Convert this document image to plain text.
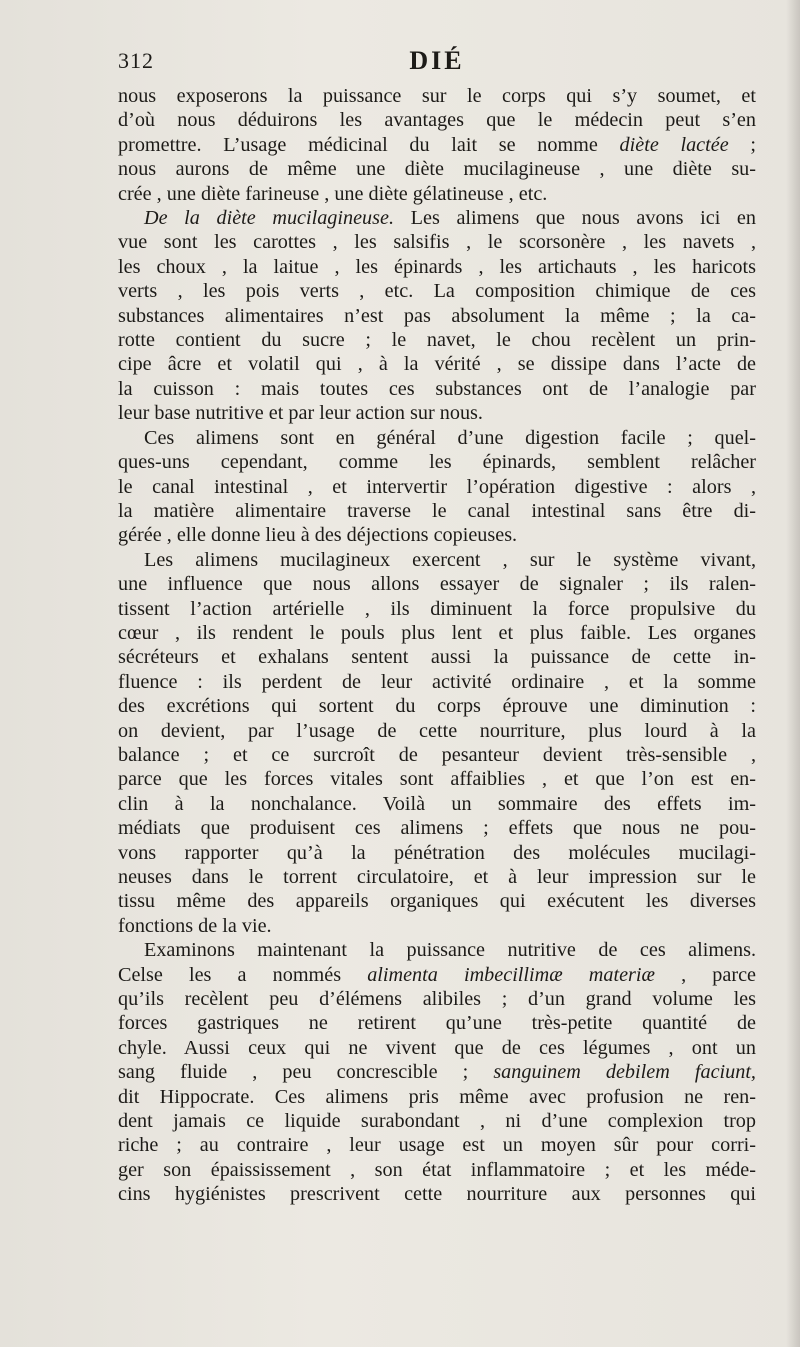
312	DIÉ

nous exposerons la puissance sur le corps qui s’y soumet, et
d’où nous déduirons les avantages que le médecin peut s’en
promettre. L’usage médicinal du lait se nomme diète lactée ;
nous aurons de même une diète mucilagineuse , une diète su-
crée , une diète farineuse , une diète gélatineuse , etc.

De la diète mucilagineuse. Les alimens que nous avons ici en
vue sont les carottes , les salsifis , le scorsonère , les navets ,
les choux , la laitue , les épinards , les artichauts , les haricots
verts , les pois verts , etc. La composition chimique de ces
substances alimentaires n’est pas absolument la même ; la ca-
rotte contient du sucre ; le navet, le chou recèlent un prin-
cipe âcre et volatil qui , à la vérité , se dissipe dans l’acte de
la cuisson : mais toutes ces substances ont de l’analogie par
leur base nutritive et par leur action sur nous.

Ces alimens sont en général d’une digestion facile ; quel-
ques-uns cependant, comme les épinards, semblent relâcher
le canal intestinal , et intervertir l’opération digestive : alors ,
la matière alimentaire traverse le canal intestinal sans être di-
gérée , elle donne lieu à des déjections copieuses.

Les alimens mucilagineux exercent , sur le système vivant,
une influence que nous allons essayer de signaler ; ils ralen-
tissent l’action artérielle , ils diminuent la force propulsive du
cœur , ils rendent le pouls plus lent et plus faible. Les organes
sécréteurs et exhalans sentent aussi la puissance de cette in-
fluence : ils perdent de leur activité ordinaire , et la somme
des excrétions qui sortent du corps éprouve une diminution :
on devient, par l’usage de cette nourriture, plus lourd à la
balance ; et ce surcroît de pesanteur devient très-sensible ,
parce que les forces vitales sont affaiblies , et que l’on est en-
clin à la nonchalance. Voilà un sommaire des effets im-
médiats que produisent ces alimens ; effets que nous ne pou-
vons rapporter qu’à la pénétration des molécules mucilagi-
neuses dans le torrent circulatoire, et à leur impression sur le
tissu même des appareils organiques qui exécutent les diverses
fonctions de la vie.

Examinons maintenant la puissance nutritive de ces alimens.
Celse les a nommés alimenta imbecillimæ materiæ , parce
qu’ils recèlent peu d’élémens alibiles ; d’un grand volume les
forces gastriques ne retirent qu’une très-petite quantité de
chyle. Aussi ceux qui ne vivent que de ces légumes , ont un
sang fluide , peu concrescible ; sanguinem debilem faciunt,
dit Hippocrate. Ces alimens pris même avec profusion ne ren-
dent jamais ce liquide surabondant , ni d’une complexion trop
riche ; au contraire , leur usage est un moyen sûr pour corri-
ger son épaississement , son état inflammatoire ; et les méde-
cins hygiénistes prescrivent cette nourriture aux personnes qui
